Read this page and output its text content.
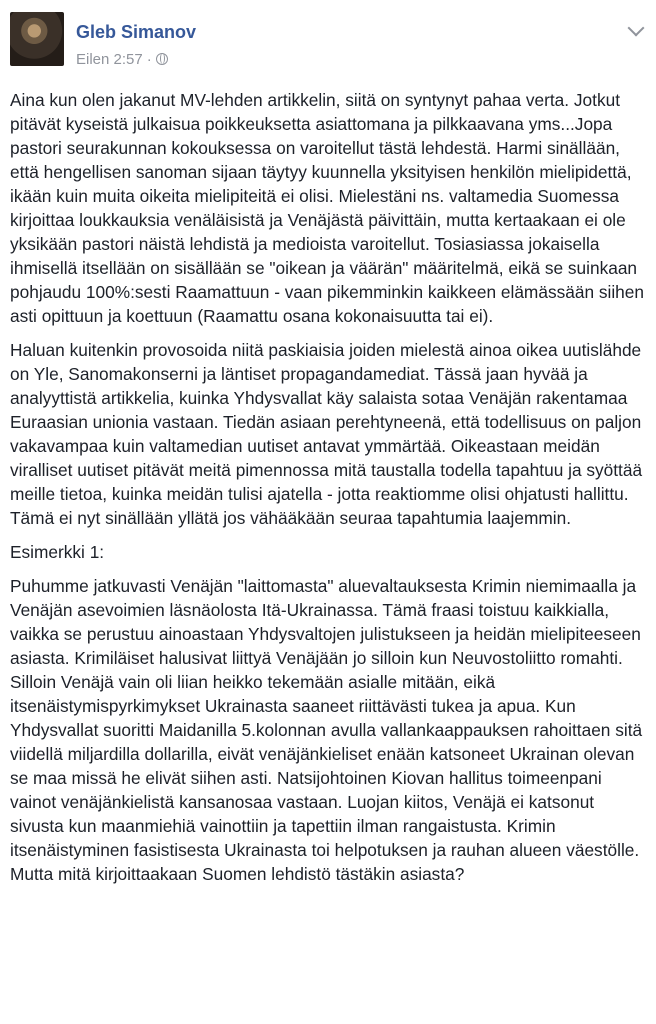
Gleb Simanov
Eilen 2:57 ·

Aina kun olen jakanut MV-lehden artikkelin, siitä on syntynyt pahaa verta. Jotkut pitävät kyseistä julkaisua poikkeuksetta asiattomana ja pilkkaavana yms...Jopa pastori seurakunnan kokouksessa on varoitellut tästä lehdestä. Harmi sinällään, että hengellisen sanoman sijaan täytyy kuunnella yksityisen henkilön mielipidettä, ikään kuin muita oikeita mielipiteitä ei olisi. Mielestäni ns. valtamedia Suomessa kirjoittaa loukkauksia venäläisistä ja Venäjästä päivittäin, mutta kertaakaan ei ole yksikään pastori näistä lehdistä ja medioista varoitellut. Tosiasiassa jokaisella ihmisellä itsellään on sisällään se "oikean ja väärän" määritelmä, eikä se suinkaan pohjaudu 100%:sesti Raamattuun - vaan pikemminkin kaikkeen elämässään siihen asti opittuun ja koettuun (Raamattu osana kokonaisuutta tai ei).

Haluan kuitenkin provosoida niitä paskiaisia joiden mielestä ainoa oikea uutislähde on Yle, Sanomakonserni ja läntiset propagandamediat. Tässä jaan hyvää ja analyyttistä artikkelia, kuinka Yhdysvallat käy salaista sotaa Venäjän rakentamaa Euraasian unionia vastaan. Tiedän asiaan perehtyneenä, että todellisuus on paljon vakavampaa kuin valtamedian uutiset antavat ymmärtää. Oikeastaan meidän viralliset uutiset pitävät meitä pimennossa mitä taustalla todella tapahtuu ja syöttää meille tietoa, kuinka meidän tulisi ajatella - jotta reaktiomme olisi ohjatusti hallittu. Tämä ei nyt sinällään yllätä jos vähääkään seuraa tapahtumia laajemmin.

Esimerkki 1:

Puhumme jatkuvasti Venäjän "laittomasta" aluevaltauksesta Krimin niemimaalla ja Venäjän asevoimien läsnäolosta Itä-Ukrainassa. Tämä fraasi toistuu kaikkialla, vaikka se perustuu ainoastaan Yhdysvaltojen julistukseen ja heidän mielipiteeseen asiasta. Krimiläiset halusivat liittyä Venäjään jo silloin kun Neuvostoliitto romahti. Silloin Venäjä vain oli liian heikko tekemään asialle mitään, eikä itsenäistymispyrkimykset Ukrainasta saaneet riittävästi tukea ja apua. Kun Yhdysvallat suoritti Maidanilla 5.kolonnan avulla vallankaappauksen rahoittaen sitä viidellä miljardilla dollarilla, eivät venäjänkieliset enään katsoneet Ukrainan olevan se maa missä he elivät siihen asti. Natsijohtoinen Kiovan hallitus toimeenpani vainot venäjänkielistä kansanosaa vastaan. Luojan kiitos, Venäjä ei katsonut sivusta kun maanmiehiä vainottiin ja tapettiin ilman rangaistusta. Krimin itsenäistyminen fasistisesta Ukrainasta toi helpotuksen ja rauhan alueen väestölle. Mutta mitä kirjoittaakaan Suomen lehdistö tästäkin asiasta?
